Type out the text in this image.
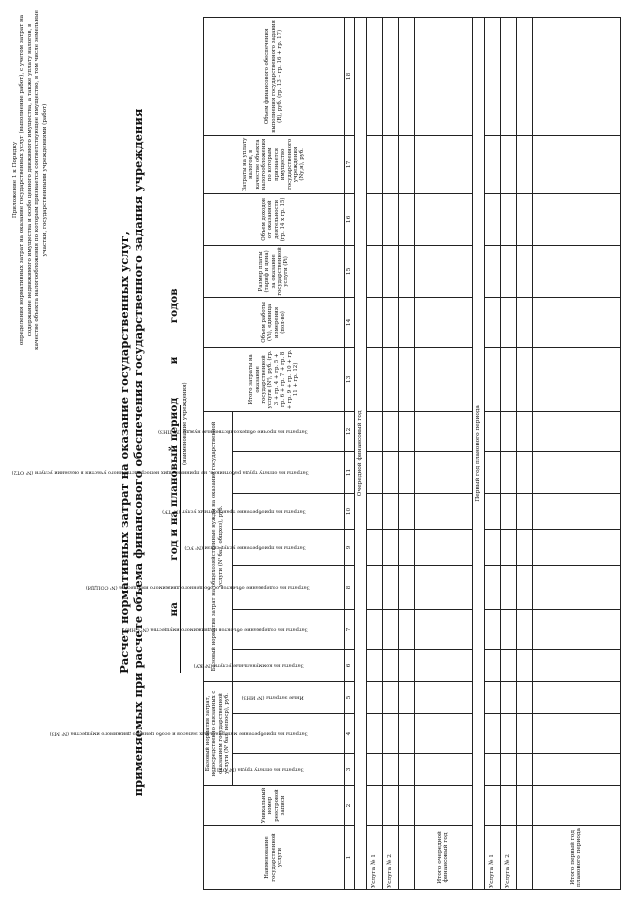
Приложение 1 к Порядку определения нормативных затрат на оказание государственных услуг (выполнение работ), с учетом затрат на содержание недвижимого имущества и особо ценного движимого имущества, а также уплату налогов, в качестве объекта налогообложения по которым признается соответствующее имущество, в том числе земельные участки, государственными учреждениями (работ)
Расчет нормативных затрат на оказание государственных услуг, применяемых при расчете объема финансового обеспечения государственного задания учреждения на  год и на плановый период  и  годов
(наименование учреждения)
Наименование государственной услуги	Уникальный номер реестровой записи	Базовый норматив затрат, непосредственно связанных с оказанием государственной услуги (Nᴵ баз, непоср), руб.			Базовый норматив затрат на общехозяйственные нужды на оказание государственной услуги (Nᴵ баз, общхоз), руб.							Итого затраты на оказание государственной услуги (Nᴵ), руб. (гр. 3 + гр. 4 + гр. 5 + гр. 6 + гр. 7 + гр. 8 + гр. 9 + гр. 10 + гр. 11 + гр. 12)	Объем работы (Vi), единица измерения (пол-во)	Размер платы (тариф и цена) за оказание государственной услуги (Pi)	Объем доходов от оказанной деятельности (гр. 14 х гр. 15)	Затраты на уплату налогов, в качестве объекта налогообложения по которым признается имущество государственного учреждения (Nу,н), руб.	Объем финансового обеспечения выполнения государственного задания (R), руб. (гр. 13 – гр. 16 + гр. 17)

		Затраты на оплату труда (Nᴵ ОТ1)	Затраты на приобретение материальных запасов и особо ценного движимого имущества (Nᴵ МЗ)	Иные затраты (Nᴵ ИНЗ)	Затраты на коммунальные услуги (Nᴵ КУ)	Затраты на содержание объектов недвижимого имущества (Nᴵ СНИ)	Затраты на содержание объектов особо ценного движимого имущества (Nᴵ СОЦДИ)	Затраты на приобретение услуг связи (Nᴵ УС)	Затраты на приобретение транспортных услуг (Nᴵ ТУ)	Затраты на оплату труда работников, не принимающих непосредственного участия в оказании услуги (Nᴵ ОТ2)	Затраты на прочие общехозяйственные нужды (Nᴵ ПНЗ)						

1	2	3	4	5	6	7	8	9	10	11	12	13	14	15	16	17	18
Очередной финансовый год																	
Услуга № 1																	
Услуга № 2																	

Итого очередной финансовый год																	
Первый год планового периода																	
Услуга № 1																	
Услуга № 2																	

Итого первый год планового периода																	
